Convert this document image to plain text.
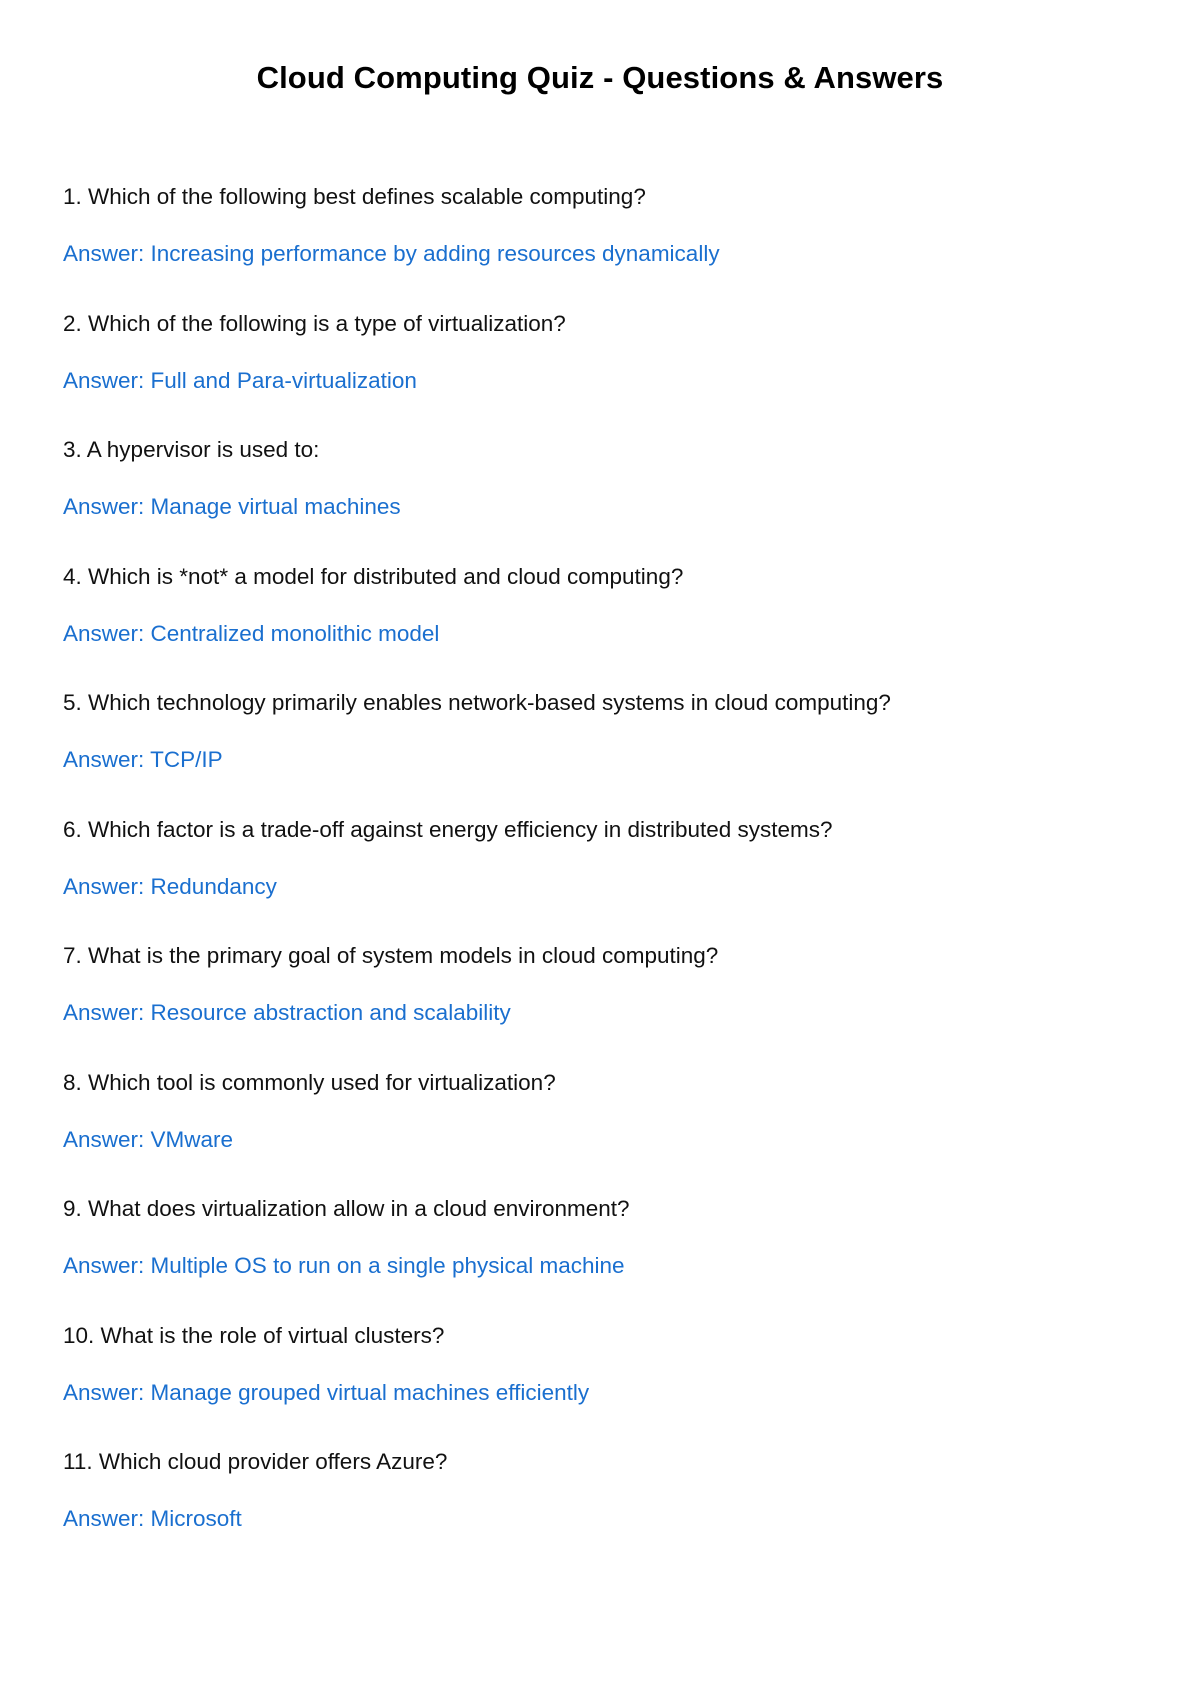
Cloud Computing Quiz - Questions & Answers
1. Which of the following best defines scalable computing?
Answer: Increasing performance by adding resources dynamically
2. Which of the following is a type of virtualization?
Answer: Full and Para-virtualization
3. A hypervisor is used to:
Answer: Manage virtual machines
4. Which is *not* a model for distributed and cloud computing?
Answer: Centralized monolithic model
5. Which technology primarily enables network-based systems in cloud computing?
Answer: TCP/IP
6. Which factor is a trade-off against energy efficiency in distributed systems?
Answer: Redundancy
7. What is the primary goal of system models in cloud computing?
Answer: Resource abstraction and scalability
8. Which tool is commonly used for virtualization?
Answer: VMware
9. What does virtualization allow in a cloud environment?
Answer: Multiple OS to run on a single physical machine
10. What is the role of virtual clusters?
Answer: Manage grouped virtual machines efficiently
11. Which cloud provider offers Azure?
Answer: Microsoft
